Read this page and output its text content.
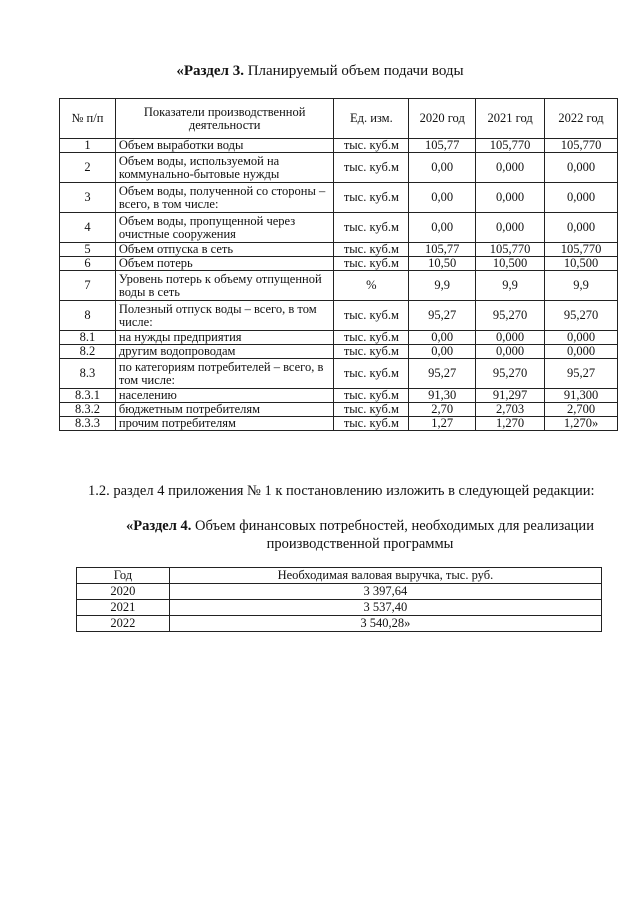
«Раздел 3. Планируемый объем подачи воды
№ п/п	Показатели производственной деятельности	Ед. изм.	2020 год	2021 год	2022 год
1	Объем выработки воды	тыс. куб.м	105,77	105,770	105,770
2	Объем воды, используемой на коммунально-бытовые нужды	тыс. куб.м	0,00	0,000	0,000
3	Объем воды, полученной со стороны – всего, в том числе:	тыс. куб.м	0,00	0,000	0,000
4	Объем воды, пропущенной через очистные сооружения	тыс. куб.м	0,00	0,000	0,000
5	Объем отпуска в сеть	тыс. куб.м	105,77	105,770	105,770
6	Объем потерь	тыс. куб.м	10,50	10,500	10,500
7	Уровень потерь к объему отпущенной воды в сеть	%	9,9	9,9	9,9
8	Полезный отпуск воды – всего, в том числе:	тыс. куб.м	95,27	95,270	95,270
8.1	на нужды предприятия	тыс. куб.м	0,00	0,000	0,000
8.2	другим водопроводам	тыс. куб.м	0,00	0,000	0,000
8.3	по категориям потребителей – всего, в том числе:	тыс. куб.м	95,27	95,270	95,27
8.3.1	населению	тыс. куб.м	91,30	91,297	91,300
8.3.2	бюджетным потребителям	тыс. куб.м	2,70	2,703	2,700
8.3.3	прочим потребителям	тыс. куб.м	1,27	1,270	1,270»
1.2. раздел 4 приложения № 1 к постановлению изложить в следующей редакции:
«Раздел 4. Объем финансовых потребностей, необходимых для реализации
производственной программы
Год	Необходимая валовая выручка, тыс. руб.
2020	3 397,64
2021	3 537,40
2022	3 540,28»
